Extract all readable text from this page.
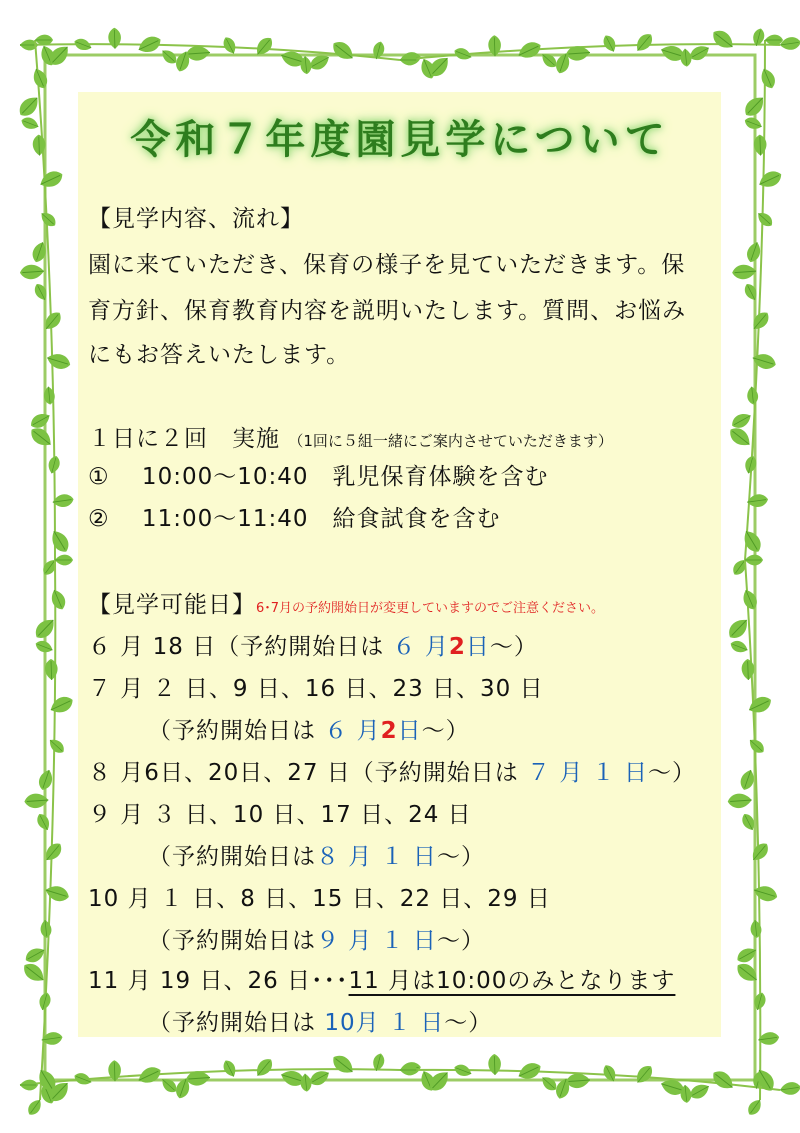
令和７年度園見学について
【見学内容、流れ】
園に来ていただき、保育の様子を見ていただきます。保
育方針、保育教育内容を説明いたします。質問、お悩み
にもお答えいたします。
１日に２回　実施 （1回に５組一緒にご案内させていただきます）
①　 10:00～10:40　乳児保育体験を含む
②　 11:00～11:40　給食試食を含む
【見学可能日】6･7月の予約開始日が変更していますのでご注意ください。
６ 月 18 日（予約開始日は ６ 月2日～）
７ 月 ２ 日、9 日、16 日、23 日、30 日
（予約開始日は ６ 月2日～）
８ 月6日、20日、27 日（予約開始日は ７ 月 １ 日～）
９ 月 ３ 日、10 日、17 日、24 日
（予約開始日は８ 月 １ 日～）
10 月 １ 日、8 日、15 日、22 日、29 日
（予約開始日は９ 月 １ 日～）
11 月 19 日、26 日･･･11 月は10:00のみとなります
（予約開始日は 10月 １ 日～）
